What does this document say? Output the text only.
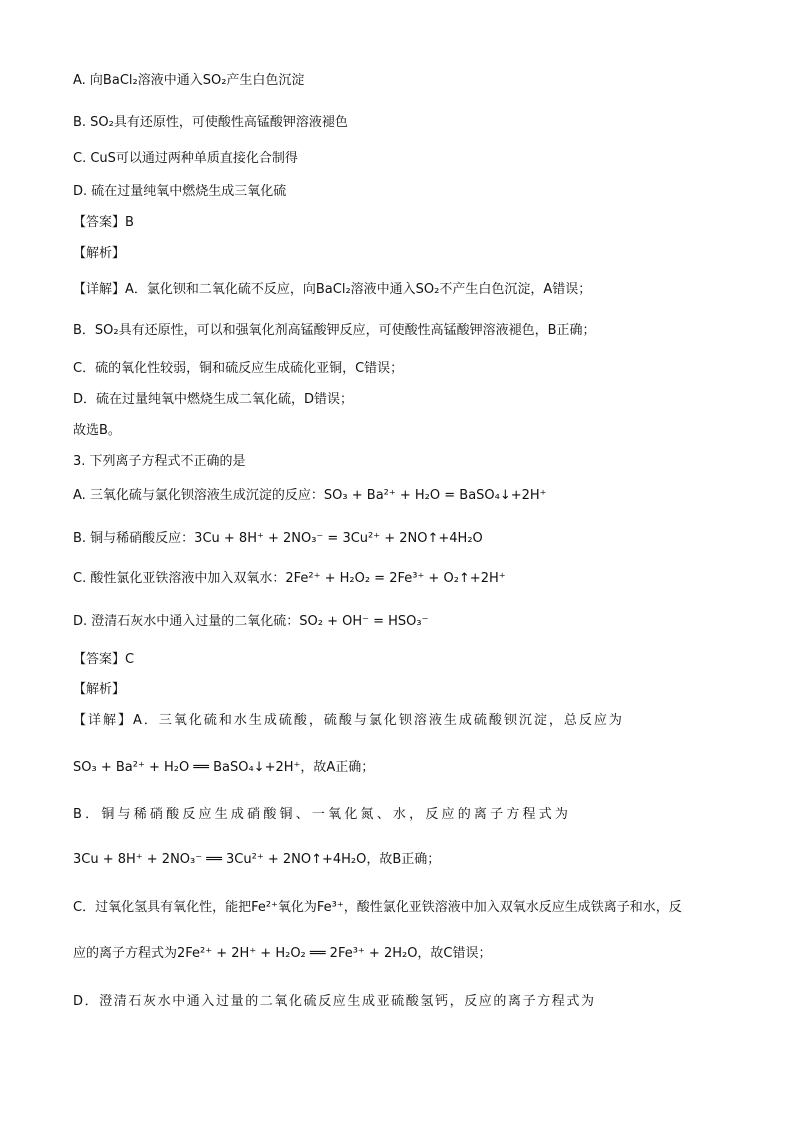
A. 向BaCl₂溶液中通入SO₂产生白色沉淀
B. SO₂具有还原性，可使酸性高锰酸钾溶液褪色
C. CuS可以通过两种单质直接化合制得
D. 硫在过量纯氧中燃烧生成三氧化硫
【答案】B
【解析】
【详解】A．氯化钡和二氧化硫不反应，向BaCl₂溶液中通入SO₂不产生白色沉淀，A错误；
B．SO₂具有还原性，可以和强氧化剂高锰酸钾反应，可使酸性高锰酸钾溶液褪色，B正确；
C．硫的氧化性较弱，铜和硫反应生成硫化亚铜，C错误；
D．硫在过量纯氧中燃烧生成二氧化硫，D错误；
故选B。
3. 下列离子方程式不正确的是
A. 三氧化硫与氯化钡溶液生成沉淀的反应：SO₃ + Ba²⁺ + H₂O = BaSO₄↓+2H⁺
B. 铜与稀硝酸反应：3Cu + 8H⁺ + 2NO₃⁻ = 3Cu²⁺ + 2NO↑+4H₂O
C. 酸性氯化亚铁溶液中加入双氧水：2Fe²⁺ + H₂O₂ = 2Fe³⁺ + O₂↑+2H⁺
D. 澄清石灰水中通入过量的二氧化硫：SO₂ + OH⁻ = HSO₃⁻
【答案】C
【解析】
【详解】A．三氧化硫和水生成硫酸，硫酸与氯化钡溶液生成硫酸钡沉淀，总反应为
SO₃ + Ba²⁺ + H₂O ══ BaSO₄↓+2H⁺，故A正确；
B．铜与稀硝酸反应生成硝酸铜、一氧化氮、水，反应的离子方程式为
3Cu + 8H⁺ + 2NO₃⁻ ══ 3Cu²⁺ + 2NO↑+4H₂O，故B正确；
C．过氧化氢具有氧化性，能把Fe²⁺氧化为Fe³⁺，酸性氯化亚铁溶液中加入双氧水反应生成铁离子和水，反
应的离子方程式为2Fe²⁺ + 2H⁺ + H₂O₂ ══ 2Fe³⁺ + 2H₂O，故C错误；
D．澄清石灰水中通入过量的二氧化硫反应生成亚硫酸氢钙，反应的离子方程式为
